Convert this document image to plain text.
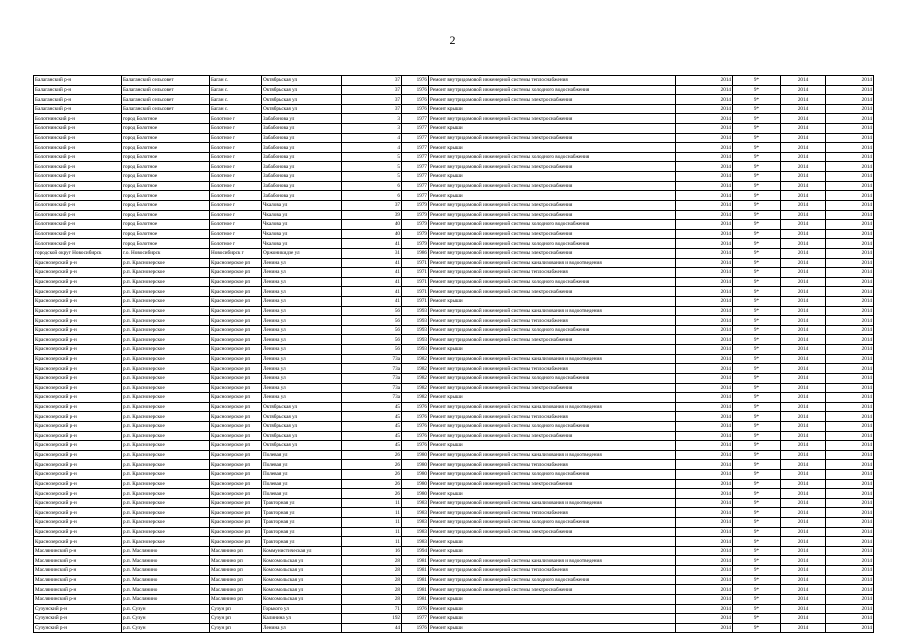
2
Балаганский р-н	Балаганский сельсовет	Баган с.	Октябрьская ул	37	1976	Ремонт внутридомовой инженерной системы теплоснабжения	2014	9*	2014	2014
Балаганский р-н	Балаганский сельсовет	Баган с.	Октябрьская ул	37	1976	Ремонт внутридомовой инженерной системы холодного водоснабжения	2014	9*	2014	2014
Балаганский р-н	Балаганский сельсовет	Баган с.	Октябрьская ул	37	1976	Ремонт внутридомовой инженерной системы электроснабжения	2014	9*	2014	2014
Балаганский р-н	Балаганский сельсовет	Баган с.	Октябрьская ул	37	1976	Ремонт крыши	2014	9*	2014	2014
Болотнинский р-н	город Болотное	Болотное г	Забабонова ул	3	1977	Ремонт внутридомовой инженерной системы электроснабжения	2014	9*	2014	2014
Болотнинский р-н	город Болотное	Болотное г	Забабонова ул	3	1977	Ремонт крыши	2014	9*	2014	2014
Болотнинский р-н	город Болотное	Болотное г	Забабонова ул	4	1977	Ремонт внутридомовой инженерной системы электроснабжения	2014	9*	2014	2014
Болотнинский р-н	город Болотное	Болотное г	Забабонова ул	4	1977	Ремонт крыши	2014	9*	2014	2014
Болотнинский р-н	город Болотное	Болотное г	Забабонова ул	5	1977	Ремонт внутридомовой инженерной системы холодного водоснабжения	2014	9*	2014	2014
Болотнинский р-н	город Болотное	Болотное г	Забабонова ул	5	1977	Ремонт внутридомовой инженерной системы электроснабжения	2014	9*	2014	2014
Болотнинский р-н	город Болотное	Болотное г	Забабонова ул	5	1977	Ремонт крыши	2014	9*	2014	2014
Болотнинский р-н	город Болотное	Болотное г	Забабонова ул	6	1977	Ремонт внутридомовой инженерной системы электроснабжения	2014	9*	2014	2014
Болотнинский р-н	город Болотное	Болотное г	Забабонова ул	6	1977	Ремонт крыши	2014	9*	2014	2014
Болотнинский р-н	город Болотное	Болотное г	Чкалова ул	37	1979	Ремонт внутридомовой инженерной системы электроснабжения	2014	9*	2014	2014
Болотнинский р-н	город Болотное	Болотное г	Чкалова ул	39	1979	Ремонт внутридомовой инженерной системы электроснабжения	2014	9*	2014	2014
Болотнинский р-н	город Болотное	Болотное г	Чкалова ул	40	1979	Ремонт внутридомовой инженерной системы холодного водоснабжения	2014	9*	2014	2014
Болотнинский р-н	город Болотное	Болотное г	Чкалова ул	40	1979	Ремонт внутридомовой инженерной системы электроснабжения	2014	9*	2014	2014
Болотнинский р-н	город Болотное	Болотное г	Чкалова ул	41	1979	Ремонт внутридомовой инженерной системы холодного водоснабжения	2014	9*	2014	2014
городской округ Новосибирск	г.о. Новосибирск	Новосибирск г	Оржоникидзе ул	31	1986	Ремонт внутридомовой инженерной системы электроснабжения	2014	9*	2014	2014
Краснозерский р-н	р.п. Краснозерское	Краснозерское рп	Ленина ул	41	1971	Ремонт внутридомовой инженерной системы канализования и водоотведения	2014	9*	2014	2014
Краснозерский р-н	р.п. Краснозерское	Краснозерское рп	Ленина ул	41	1971	Ремонт внутридомовой инженерной системы теплоснабжения	2014	9*	2014	2014
Краснозерский р-н	р.п. Краснозерское	Краснозерское рп	Ленина ул	41	1971	Ремонт внутридомовой инженерной системы холодного водоснабжения	2014	9*	2014	2014
Краснозерский р-н	р.п. Краснозерское	Краснозерское рп	Ленина ул	41	1971	Ремонт внутридомовой инженерной системы электроснабжения	2014	9*	2014	2014
Краснозерский р-н	р.п. Краснозерское	Краснозерское рп	Ленина ул	41	1971	Ремонт крыши	2014	9*	2014	2014
Краснозерский р-н	р.п. Краснозерское	Краснозерское рп	Ленина ул	56	1993	Ремонт внутридомовой инженерной системы канализования и водоотведения	2014	9*	2014	2014
Краснозерский р-н	р.п. Краснозерское	Краснозерское рп	Ленина ул	56	1993	Ремонт внутридомовой инженерной системы теплоснабжения	2014	9*	2014	2014
Краснозерский р-н	р.п. Краснозерское	Краснозерское рп	Ленина ул	56	1993	Ремонт внутридомовой инженерной системы холодного водоснабжения	2014	9*	2014	2014
Краснозерский р-н	р.п. Краснозерское	Краснозерское рп	Ленина ул	56	1993	Ремонт внутридомовой инженерной системы электроснабжения	2014	9*	2014	2014
Краснозерский р-н	р.п. Краснозерское	Краснозерское рп	Ленина ул	56	1993	Ремонт крыши	2014	9*	2014	2014
Краснозерский р-н	р.п. Краснозерское	Краснозерское рп	Ленина ул	73а	1982	Ремонт внутридомовой инженерной системы канализования и водоотведения	2014	9*	2014	2014
Краснозерский р-н	р.п. Краснозерское	Краснозерское рп	Ленина ул	73а	1982	Ремонт внутридомовой инженерной системы теплоснабжения	2014	9*	2014	2014
Краснозерский р-н	р.п. Краснозерское	Краснозерское рп	Ленина ул	73а	1982	Ремонт внутридомовой инженерной системы холодного водоснабжения	2014	9*	2014	2014
Краснозерский р-н	р.п. Краснозерское	Краснозерское рп	Ленина ул	73а	1982	Ремонт внутридомовой инженерной системы электроснабжения	2014	9*	2014	2014
Краснозерский р-н	р.п. Краснозерское	Краснозерское рп	Ленина ул	73а	1982	Ремонт крыши	2014	9*	2014	2014
Краснозерский р-н	р.п. Краснозерское	Краснозерское рп	Октябрьская ул	45	1976	Ремонт внутридомовой инженерной системы канализования и водоотведения	2014	9*	2014	2014
Краснозерский р-н	р.п. Краснозерское	Краснозерское рп	Октябрьская ул	45	1976	Ремонт внутридомовой инженерной системы теплоснабжения	2014	9*	2014	2014
Краснозерский р-н	р.п. Краснозерское	Краснозерское рп	Октябрьская ул	45	1976	Ремонт внутридомовой инженерной системы холодного водоснабжения	2014	9*	2014	2014
Краснозерский р-н	р.п. Краснозерское	Краснозерское рп	Октябрьская ул	45	1976	Ремонт внутридомовой инженерной системы электроснабжения	2014	9*	2014	2014
Краснозерский р-н	р.п. Краснозерское	Краснозерское рп	Октябрьская ул	45	1976	Ремонт крыши	2014	9*	2014	2014
Краснозерский р-н	р.п. Краснозерское	Краснозерское рп	Полевая ул	26	1980	Ремонт внутридомовой инженерной системы канализования и водоотведения	2014	9*	2014	2014
Краснозерский р-н	р.п. Краснозерское	Краснозерское рп	Полевая ул	26	1980	Ремонт внутридомовой инженерной системы теплоснабжения	2014	9*	2014	2014
Краснозерский р-н	р.п. Краснозерское	Краснозерское рп	Полевая ул	26	1980	Ремонт внутридомовой инженерной системы холодного водоснабжения	2014	9*	2014	2014
Краснозерский р-н	р.п. Краснозерское	Краснозерское рп	Полевая ул	26	1980	Ремонт внутридомовой инженерной системы электроснабжения	2014	9*	2014	2014
Краснозерский р-н	р.п. Краснозерское	Краснозерское рп	Полевая ул	26	1980	Ремонт крыши	2014	9*	2014	2014
Краснозерский р-н	р.п. Краснозерское	Краснозерское рп	Тракторная ул	11	1983	Ремонт внутридомовой инженерной системы канализования и водоотведения	2014	9*	2014	2014
Краснозерский р-н	р.п. Краснозерское	Краснозерское рп	Тракторная ул	11	1983	Ремонт внутридомовой инженерной системы теплоснабжения	2014	9*	2014	2014
Краснозерский р-н	р.п. Краснозерское	Краснозерское рп	Тракторная ул	11	1983	Ремонт внутридомовой инженерной системы холодного водоснабжения	2014	9*	2014	2014
Краснозерский р-н	р.п. Краснозерское	Краснозерское рп	Тракторная ул	11	1983	Ремонт внутридомовой инженерной системы электроснабжения	2014	9*	2014	2014
Краснозерский р-н	р.п. Краснозерское	Краснозерское рп	Тракторная ул	11	1983	Ремонт крыши	2014	9*	2014	2014
Маслянинский р-н	р.п. Маслянино	Маслянино рп	Коммунистическая ул	16	1994	Ремонт крыши	2014	9*	2014	2014
Маслянинский р-н	р.п. Маслянино	Маслянино рп	Комсомольская ул	28	1981	Ремонт внутридомовой инженерной системы канализования и водоотведения	2014	9*	2014	2014
Маслянинский р-н	р.п. Маслянино	Маслянино рп	Комсомольская ул	28	1981	Ремонт внутридомовой инженерной системы теплоснабжения	2014	9*	2014	2014
Маслянинский р-н	р.п. Маслянино	Маслянино рп	Комсомольская ул	28	1981	Ремонт внутридомовой инженерной системы холодного водоснабжения	2014	9*	2014	2014
Маслянинский р-н	р.п. Маслянино	Маслянино рп	Комсомольская ул	28	1981	Ремонт внутридомовой инженерной системы электроснабжения	2014	9*	2014	2014
Маслянинский р-н	р.п. Маслянино	Маслянино рп	Комсомольская ул	28	1981	Ремонт крыши	2014	9*	2014	2014
Сузунский р-н	р.п. Сузун	Сузун рп	Горького ул	71	1976	Ремонт крыши	2014	9*	2014	2014
Сузунский р-н	р.п. Сузун	Сузун рп	Калинина ул	192	1977	Ремонт крыши	2014	9*	2014	2014
Сузунский р-н	р.п. Сузун	Сузун рп	Ленина ул	44	1976	Ремонт крыши	2014	9*	2014	2014
